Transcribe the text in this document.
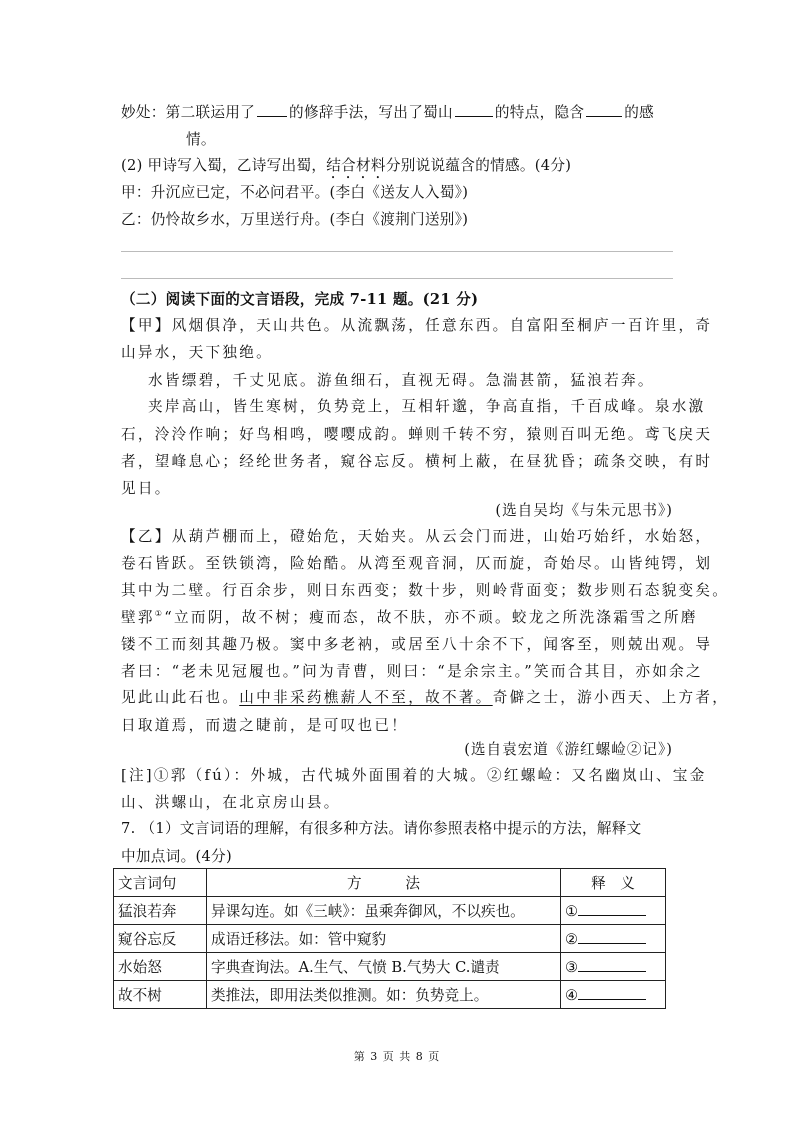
妙处：第二联运用了 的修辞手法，写出了蜀山	的特点，隐含	的感
情。
(2) 甲诗写入蜀，乙诗写出蜀，结合材料分别说说蕴含的情感。(4分)
甲：升沉应已定，不必问君平。(李白《送友人入蜀》)
乙：仍怜故乡水，万里送行舟。(李白《渡荆门送别》)
（二）阅读下面的文言语段，完成 7-11 题。(21 分)
【甲】风烟俱净，天山共色。从流飘荡，任意东西。自富阳至桐庐一百许里，奇
山异水，天下独绝。
水皆缥碧，千丈见底。游鱼细石，直视无碍。急湍甚箭，猛浪若奔。
夹岸高山，皆生寒树，负势竞上，互相轩邈，争高直指，千百成峰。泉水激
石，泠泠作响；好鸟相鸣，嘤嘤成韵。蝉则千转不穷，猿则百叫无绝。鸢飞戾天
者，望峰息心；经纶世务者，窥谷忘反。横柯上蔽，在昼犹昏；疏条交映，有时
见日。
(选自吴均《与朱元思书》)
【乙】从葫芦棚而上，磴始危，天始夹。从云会门而进，山始巧始纤，水始怒，
卷石皆跃。至铁锁湾，险始酷。从湾至观音洞，仄而旋，奇始尽。山皆纯锷，划
其中为二壁。行百余步，则日东西变；数十步，则岭背面变；数步则石态貌变矣。
壁郛①“立而阴，故不树；瘦而态，故不肤，亦不顽。蛟龙之所洗涤霜雪之所磨
镂不工而刻其趣乃极。窦中多老衲，或居至八十余不下，闻客至，则兢出观。导
者曰：“老未见冠履也。”问为青曹，则曰：“是余宗主。”笑而合其目，亦如余之
见此山此石也。山中非采药樵薪人不至，故不著。奇僻之士，游小西天、上方者，
日取道焉，而遗之睫前，是可叹也已！
(选自袁宏道《游红螺崄②记》)
[注]①郛（fú）：外城，古代城外面围着的大城。②红螺崄：又名幽岚山、宝金
山、洪螺山，在北京房山县。
7. （1）文言词语的理解，有很多种方法。请你参照表格中提示的方法，解释文
中加点词。(4分)
文言词句	方　　　法	释　义
猛浪若奔	异课勾连。如《三峡》：虽乘奔御风，不以疾也。	①
窥谷忘反	成语迁移法。如：管中窥豹	②
水始怒	字典查询法。A.生气、气愤 B.气势大 C.谴责	③
故不树	类推法，即用法类似推测。如：负势竞上。	④
第 3 页 共 8 页
